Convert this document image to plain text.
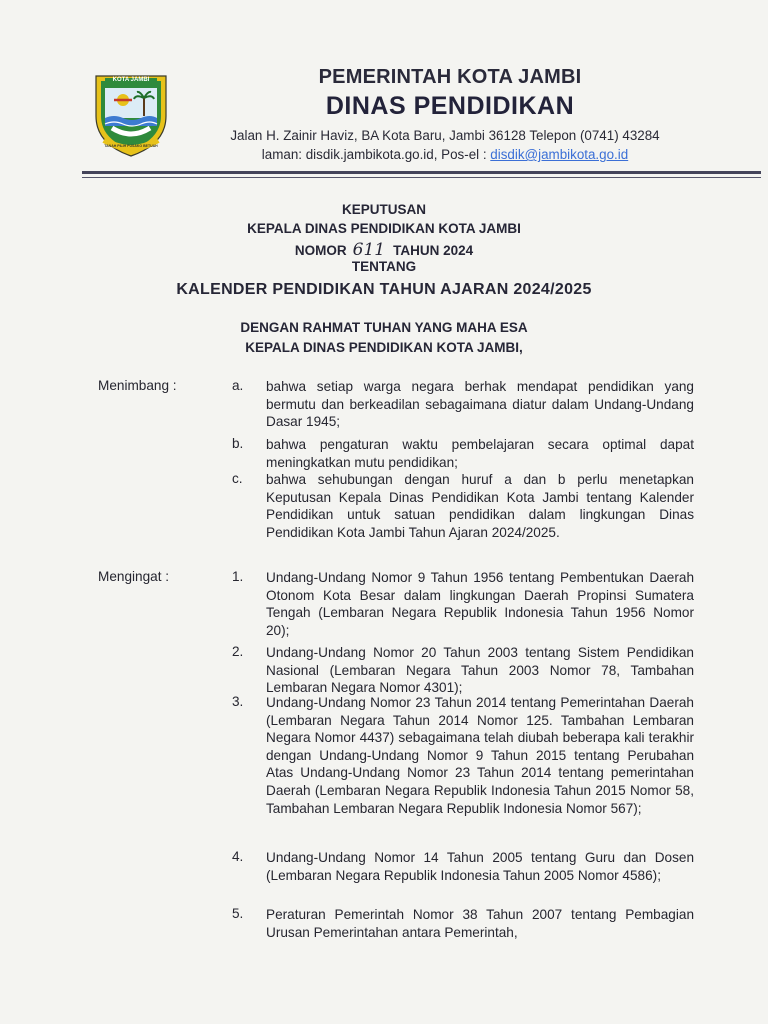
KOTA JAMBI
TANAH PILIH PUSAKO BETUAH
PEMERINTAH KOTA JAMBI
DINAS PENDIDIKAN
Jalan H. Zainir Haviz, BA Kota Baru, Jambi 36128 Telepon (0741) 43284
laman: disdik.jambikota.go.id, Pos-el : disdik@jambikota.go.id
KEPUTUSAN
KEPALA DINAS PENDIDIKAN KOTA JAMBI
NOMOR 611 TAHUN 2024
TENTANG
KALENDER PENDIDIKAN TAHUN AJARAN 2024/2025
DENGAN RAHMAT TUHAN YANG MAHA ESA
KEPALA DINAS PENDIDIKAN KOTA JAMBI,
Menimbang :	a.	bahwa setiap warga negara berhak mendapat pendidikan yang bermutu dan berkeadilan sebagaimana diatur dalam Undang-Undang Dasar 1945;
b.	bahwa pengaturan waktu pembelajaran secara optimal dapat meningkatkan mutu pendidikan;
c.	bahwa sehubungan dengan huruf a dan b perlu menetapkan Keputusan Kepala Dinas Pendidikan Kota Jambi tentang Kalender Pendidikan untuk satuan pendidikan dalam lingkungan Dinas Pendidikan Kota Jambi Tahun Ajaran 2024/2025.
Mengingat :	1.	Undang-Undang Nomor 9 Tahun 1956 tentang Pembentukan Daerah Otonom Kota Besar dalam lingkungan Daerah Propinsi Sumatera Tengah (Lembaran Negara Republik Indonesia Tahun 1956 Nomor 20);
2.	Undang-Undang Nomor 20 Tahun 2003 tentang Sistem Pendidikan Nasional (Lembaran Negara Tahun 2003 Nomor 78, Tambahan Lembaran Negara Nomor 4301);
3.	Undang-Undang Nomor 23 Tahun 2014 tentang Pemerintahan Daerah (Lembaran Negara Tahun 2014 Nomor 125. Tambahan Lembaran Negara Nomor 4437) sebagaimana telah diubah beberapa kali terakhir dengan Undang-Undang Nomor 9 Tahun 2015 tentang Perubahan Atas Undang-Undang Nomor 23 Tahun 2014 tentang pemerintahan Daerah (Lembaran Negara Republik Indonesia Tahun 2015 Nomor 58, Tambahan Lembaran Negara Republik Indonesia Nomor 567);
4.	Undang-Undang Nomor 14 Tahun 2005 tentang Guru dan Dosen (Lembaran Negara Republik Indonesia Tahun 2005 Nomor 4586);
5.	Peraturan Pemerintah Nomor 38 Tahun 2007 tentang Pembagian Urusan Pemerintahan antara Pemerintah,
